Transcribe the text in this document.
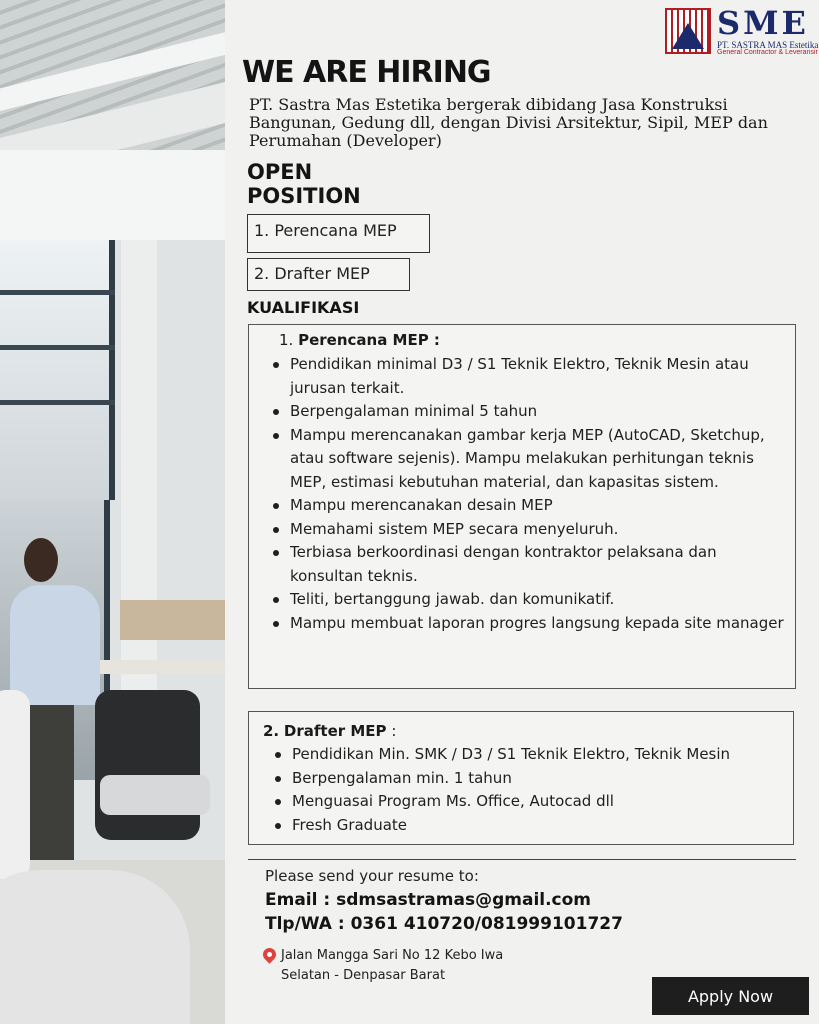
SME
PT. SASTRA MAS Estetika
General Contractor & Leveransir
WE ARE HIRING
PT. Sastra Mas Estetika bergerak dibidang Jasa Konstruksi Bangunan, Gedung dll, dengan Divisi Arsitektur, Sipil, MEP dan Perumahan (Developer)
OPEN
POSITION
1. Perencana MEP
2. Drafter MEP
KUALIFIKASI
1. Perencana MEP :
Pendidikan minimal D3 / S1 Teknik Elektro, Teknik Mesin atau jurusan terkait.
Berpengalaman minimal 5 tahun
Mampu merencanakan gambar kerja MEP (AutoCAD, Sketchup, atau software sejenis). Mampu melakukan perhitungan teknis MEP, estimasi kebutuhan material, dan kapasitas sistem.
Mampu merencanakan desain MEP
Memahami sistem MEP secara menyeluruh.
Terbiasa berkoordinasi dengan kontraktor pelaksana dan konsultan teknis.
Teliti, bertanggung jawab. dan komunikatif.
Mampu membuat laporan progres langsung kepada site manager
2. Drafter MEP :
Pendidikan Min. SMK / D3 / S1 Teknik Elektro, Teknik Mesin
Berpengalaman min. 1 tahun
Menguasai Program Ms. Office, Autocad dll
Fresh Graduate
Please send your resume to:
Email : sdmsastramas@gmail.com
Tlp/WA : 0361 410720/081999101727
Jalan Mangga Sari No 12 Kebo Iwa
Selatan - Denpasar Barat
Apply Now
